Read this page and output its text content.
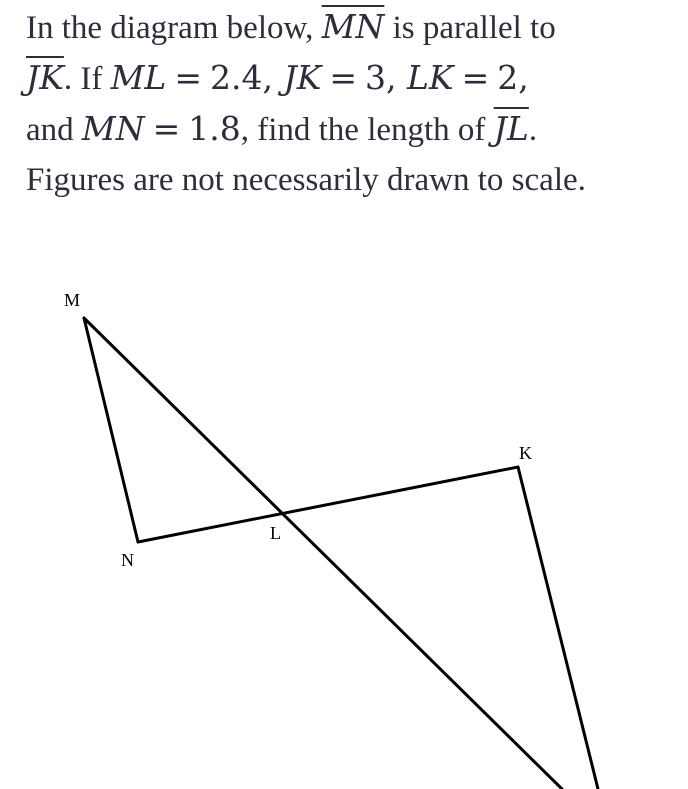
In the diagram below, $\overline{MN}$ is parallel to
$\overline{JK}$. If ML = 2.4, JK = 3, LK = 2,
and MN = 1.8, find the length of $\overline{JL}$.
Figures are not necessarily drawn to scale.
M
N
L
K
